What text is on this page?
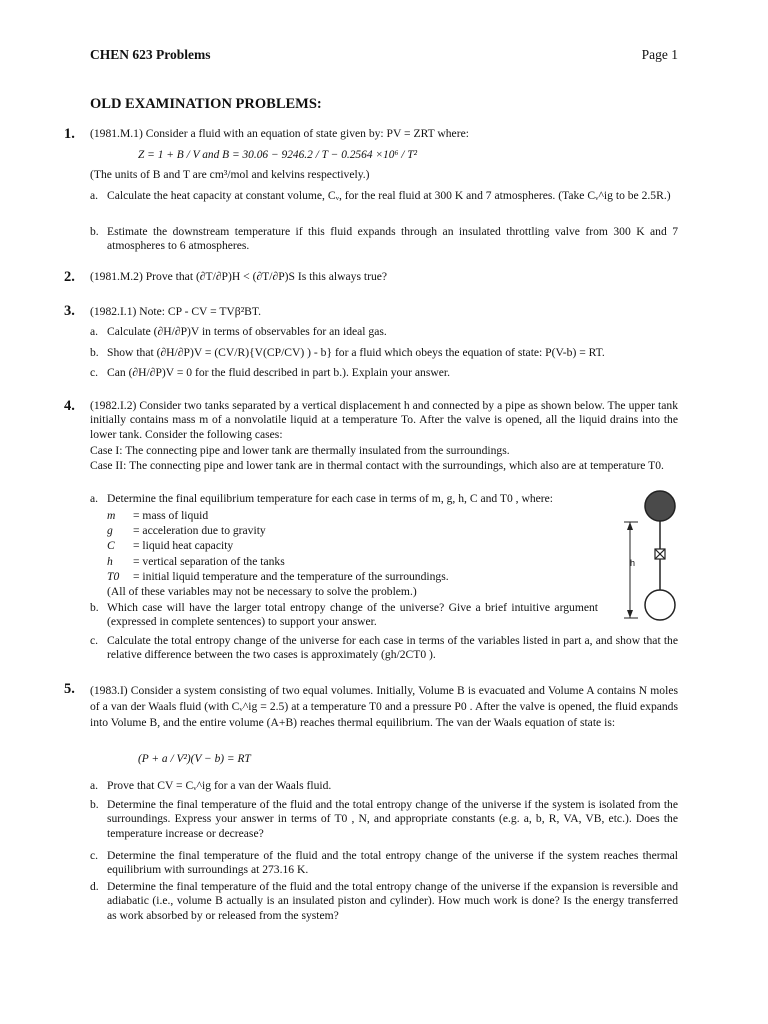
CHEN 623 Problems	Page 1
OLD EXAMINATION PROBLEMS:
1. (1981.M.1) Consider a fluid with an equation of state given by: PV = ZRT where:
Z = 1 + B / V and B = 30.06 − 9246.2 / T − 0.2564 ×10⁶ / T²
(The units of B and T are cm³/mol and kelvins respectively.)
a. Calculate the heat capacity at constant volume, Cᵥ, for the real fluid at 300 K and 7 atmospheres. (Take Cᵥ^ig to be 2.5R.)
b. Estimate the downstream temperature if this fluid expands through an insulated throttling valve from 300 K and 7 atmospheres to 6 atmospheres.
2. (1981.M.2) Prove that (∂T/∂P)H < (∂T/∂P)S Is this always true?
3. (1982.I.1) Note: CP - CV = TVβ²BT.
a. Calculate (∂H/∂P)V in terms of observables for an ideal gas.
b. Show that (∂H/∂P)V = (CV/R){V(CP/CV) ) - b} for a fluid which obeys the equation of state: P(V-b) = RT.
c. Can (∂H/∂P)V = 0 for the fluid described in part b.). Explain your answer.
4. (1982.I.2) Consider two tanks separated by a vertical displacement h and connected by a pipe as shown below. The upper tank initially contains mass m of a nonvolatile liquid at a temperature To. After the valve is opened, all the liquid drains into the lower tank. Consider the following cases:
Case I: The connecting pipe and lower tank are thermally insulated from the surroundings.
Case II: The connecting pipe and lower tank are in thermal contact with the surroundings, which also are at temperature T0.
a. Determine the final equilibrium temperature for each case in terms of m, g, h, C and T0 , where:
m = mass of liquid
g = acceleration due to gravity
C = liquid heat capacity
h = vertical separation of the tanks
T0 = initial liquid temperature and the temperature of the surroundings.
(All of these variables may not be necessary to solve the problem.)
b. Which case will have the larger total entropy change of the universe? Give a brief intuitive argument (expressed in complete sentences) to support your answer.
c. Calculate the total entropy change of the universe for each case in terms of the variables listed in part a, and show that the relative difference between the two cases is approximately (gh/2CT0 ).
h
5. (1983.I) Consider a system consisting of two equal volumes. Initially, Volume B is evacuated and Volume A contains N moles of a van der Waals fluid (with Cᵥ^ig = 2.5) at a temperature T0 and a pressure P0 . After the valve is opened, the fluid expands into Volume B, and the entire volume (A+B) reaches thermal equilibrium. The van der Waals equation of state is:
(P + a / V²)(V − b) = RT
a. Prove that CV = Cᵥ^ig for a van der Waals fluid.
b. Determine the final temperature of the fluid and the total entropy change of the universe if the system is isolated from the surroundings. Express your answer in terms of T0 , N, and appropriate constants (e.g. a, b, R, VA, VB, etc.). Does the temperature increase or decrease?
c. Determine the final temperature of the fluid and the total entropy change of the universe if the system reaches thermal equilibrium with surroundings at 273.16 K.
d. Determine the final temperature of the fluid and the total entropy change of the universe if the expansion is reversible and adiabatic (i.e., volume B actually is an insulated piston and cylinder). How much work is done? Is the energy transferred as work absorbed by or released from the system?
